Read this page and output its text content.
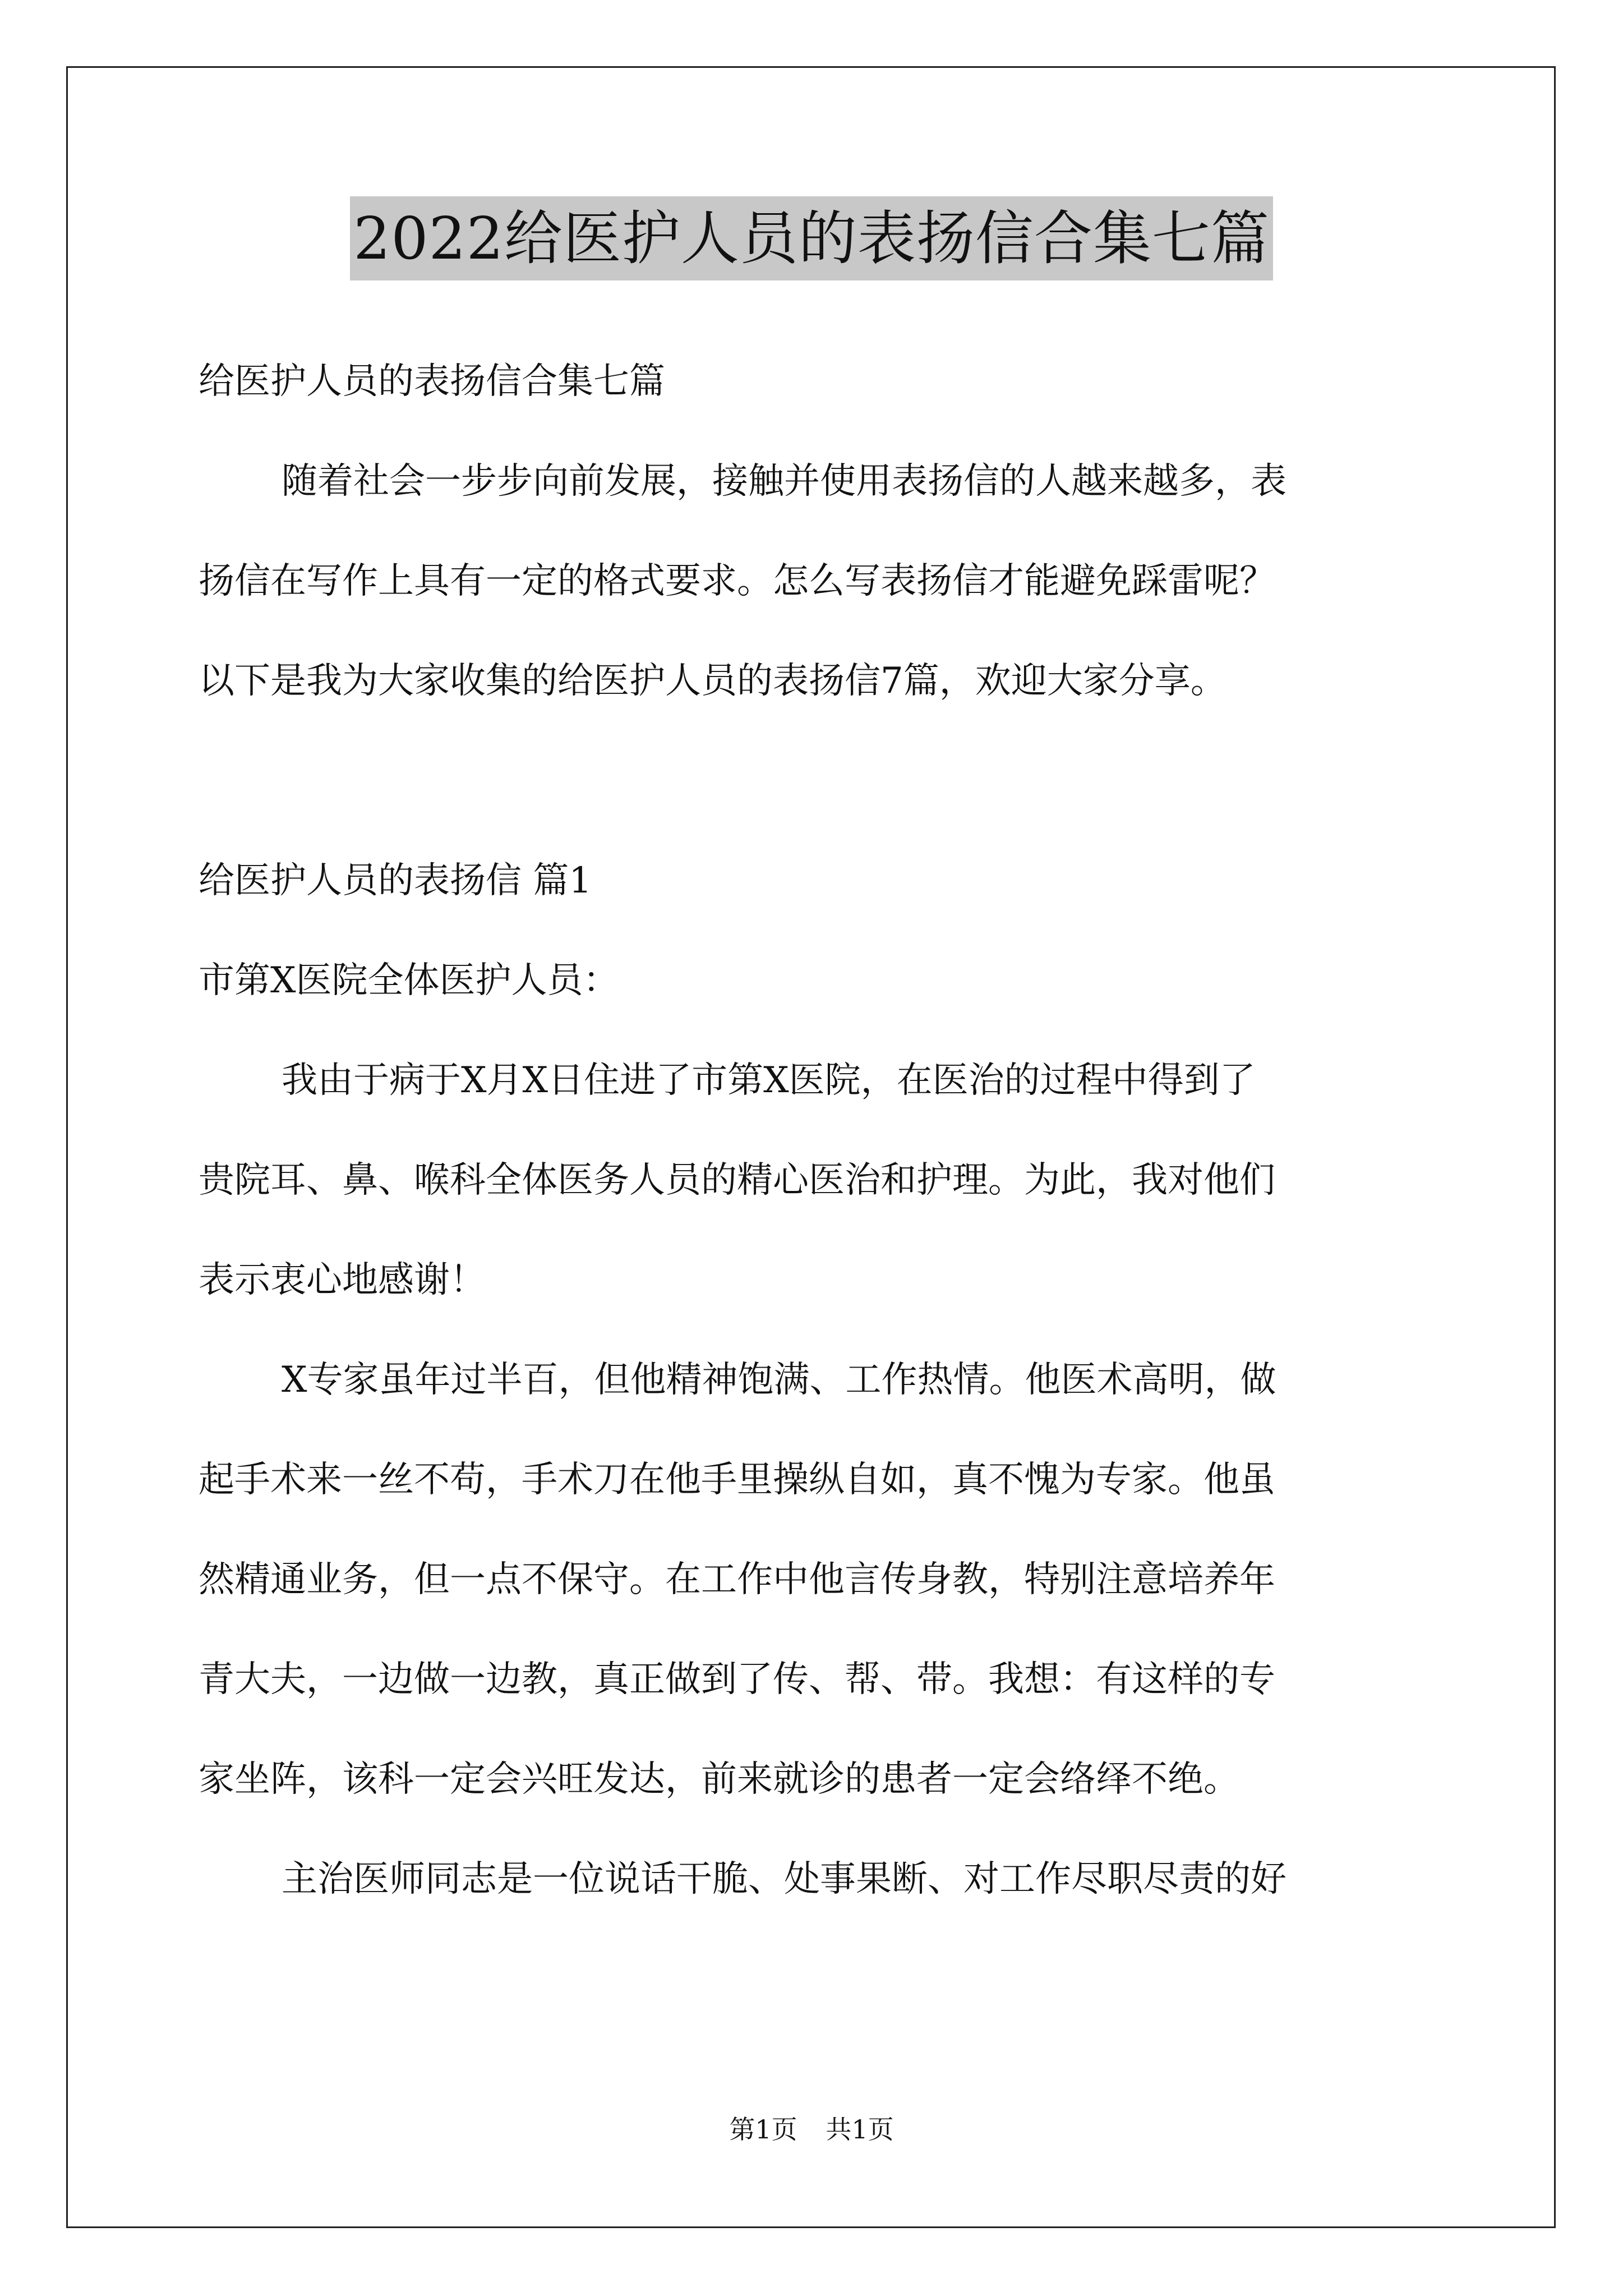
2022给医护人员的表扬信合集七篇
给医护人员的表扬信合集七篇
随着社会一步步向前发展，接触并使用表扬信的人越来越多，表
扬信在写作上具有一定的格式要求。怎么写表扬信才能避免踩雷呢？
以下是我为大家收集的给医护人员的表扬信7篇，欢迎大家分享。
给医护人员的表扬信 篇1
市第X医院全体医护人员：
我由于病于X月X日住进了市第X医院，在医治的过程中得到了
贵院耳、鼻、喉科全体医务人员的精心医治和护理。为此，我对他们
表示衷心地感谢！
X专家虽年过半百，但他精神饱满、工作热情。他医术高明，做
起手术来一丝不苟，手术刀在他手里操纵自如，真不愧为专家。他虽
然精通业务，但一点不保守。在工作中他言传身教，特别注意培养年
青大夫，一边做一边教，真正做到了传、帮、带。我想：有这样的专
家坐阵，该科一定会兴旺发达，前来就诊的患者一定会络绎不绝。
主治医师同志是一位说话干脆、处事果断、对工作尽职尽责的好
第1页 共1页
